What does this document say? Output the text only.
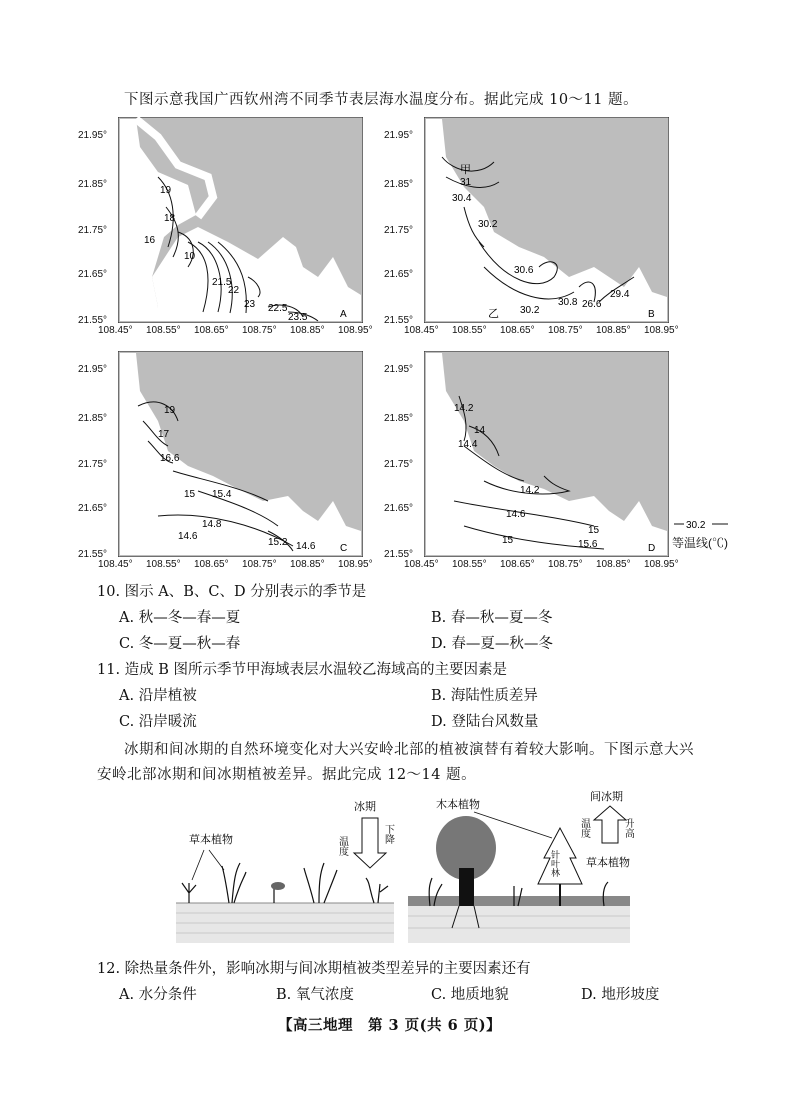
下图示意我国广西钦州湾不同季节表层海水温度分布。据此完成 10～11 题。
19
18
16
10
21.5
22
23 22.5
23.5	A
甲
31
30.4
30.2
30.6
30.8 26.6
29.4
乙 30.2	B
19
17
16.6
15 15.4
14.8
14.6
15.2 14.6 C
14.2
14
14.4
14.2
14.6
15
15	15.6	D
21.95°
21.85°
21.75°
21.65°
21.55°
21.95°
21.85°
21.75°
21.65°
21.55°
21.95°
21.85°
21.75°
21.65°
21.55°
21.95°
21.85°
21.75°
21.65°
21.55°
108.45° 108.55° 108.65° 108.75° 108.85° 108.95°	108.45° 108.55° 108.65° 108.75° 108.85° 108.95°
108.45° 108.55° 108.65° 108.75° 108.85° 108.95°	108.45° 108.55° 108.65° 108.75° 108.85° 108.95°
30.2
等温线(℃)
10. 图示 A、B、C、D 分别表示的季节是
A. 秋—冬—春—夏	B. 春—秋—夏—冬
C. 冬—夏—秋—春	D. 春—夏—秋—冬
11. 造成 B 图所示季节甲海域表层水温较乙海域高的主要因素是
A. 沿岸植被	B. 海陆性质差异
C. 沿岸暖流	D. 登陆台风数量
冰期和间冰期的自然环境变化对大兴安岭北部的植被演替有着较大影响。下图示意大兴
安岭北部冰期和间冰期植被差异。据此完成 12～14 题。
草本植物
冰期
温度
下降
木本植物
针叶林
间冰期
温度	升高
草本植物
12. 除热量条件外，影响冰期与间冰期植被类型差异的主要因素还有
A. 水分条件	B. 氧气浓度	C. 地质地貌	D. 地形坡度
【高三地理　第 3 页(共 6 页)】
